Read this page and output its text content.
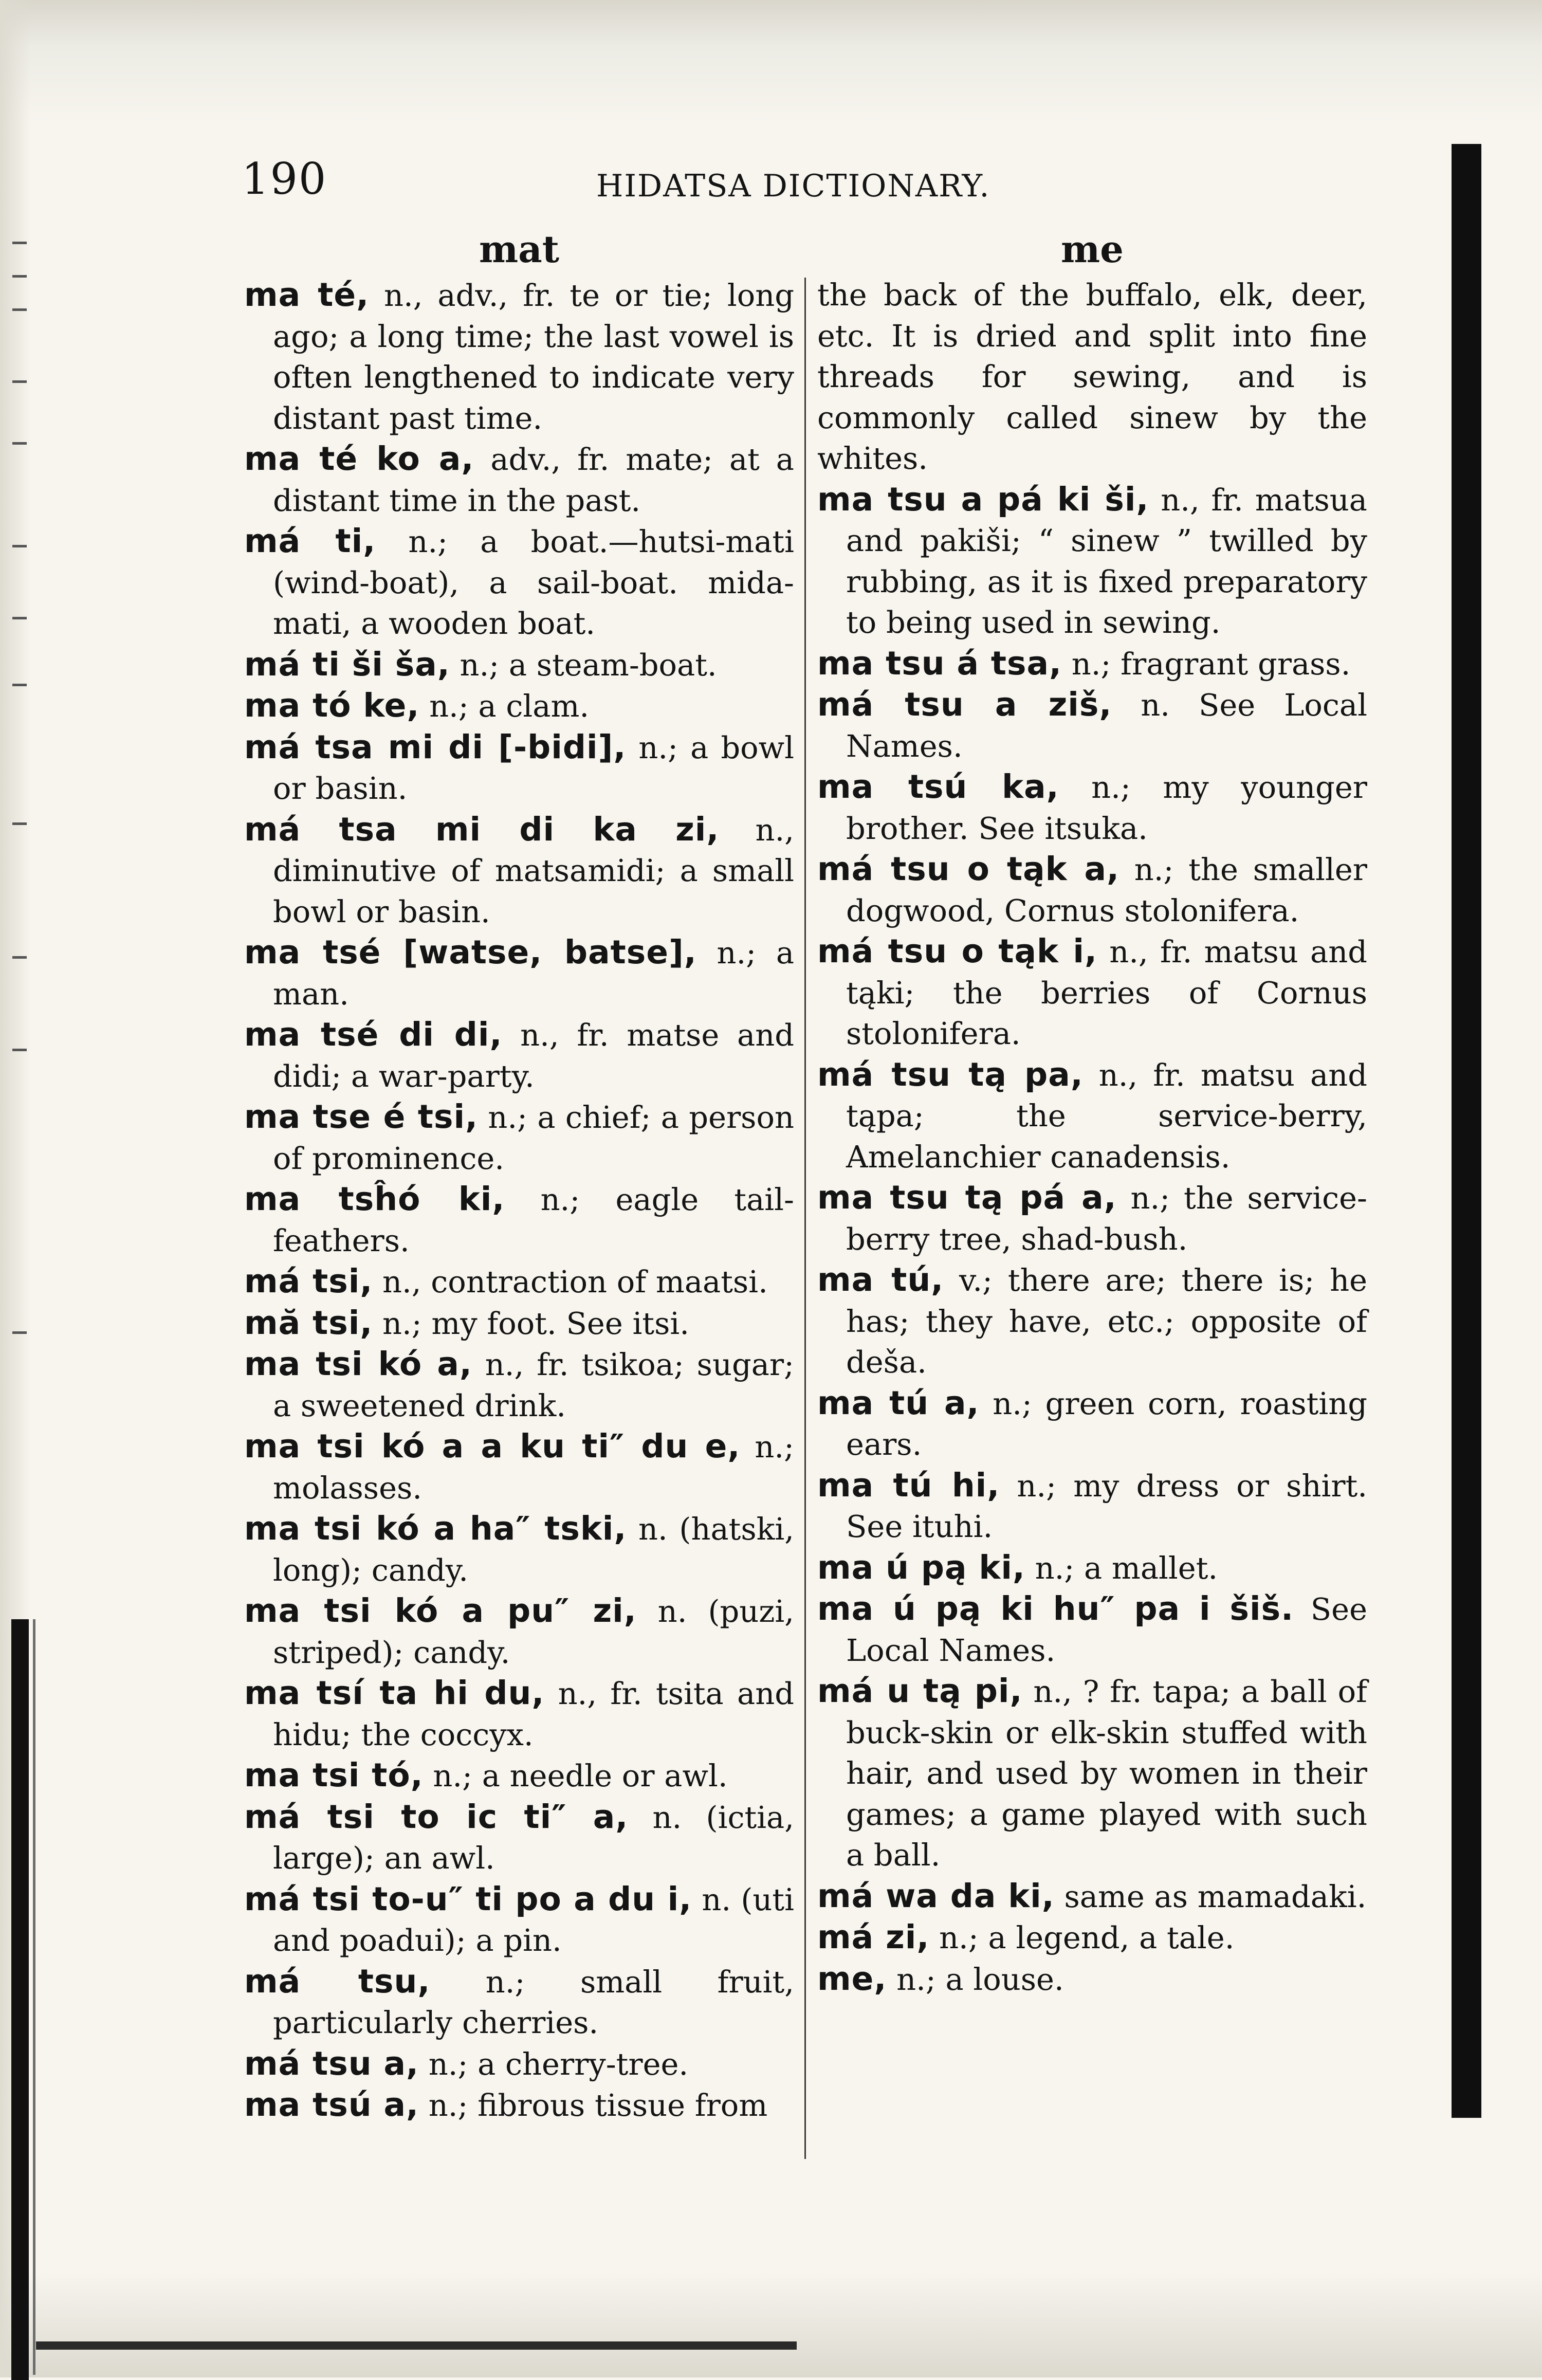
190	HIDATSA DICTIONARY.
mat
ma té, n., adv., fr. te or tie; long ago; a long time; the last vowel is often lengthened to indicate very distant past time.
ma té ko a, adv., fr. mate; at a distant time in the past.
má ti, n.; a boat.—hutsi-mati (wind-boat), a sail-boat. mida-mati, a wooden boat.
má ti ši ša, n.; a steam-boat.
ma tó ke, n.; a clam.
má tsa mi di [-bidi], n.; a bowl or basin.
má tsa mi di ka zi, n., diminutive of matsamidi; a small bowl or basin.
ma tsé [watse, batse], n.; a man.
ma tsé di di, n., fr. matse and didi; a war-party.
ma tse é tsi, n.; a chief; a person of prominence.
ma tsĥó ki, n.; eagle tail-feathers.
má tsi, n., contraction of maatsi.
mă tsi, n.; my foot. See itsi.
ma tsi kó a, n., fr. tsikoa; sugar; a sweetened drink.
ma tsi kó a a ku ti″ du e, n.; molasses.
ma tsi kó a ha″ tski, n. (hatski, long); candy.
ma tsi kó a pu″ zi, n. (puzi, striped); candy.
ma tsí ta hi du, n., fr. tsita and hidu; the coccyx.
ma tsi tó, n.; a needle or awl.
má tsi to ic ti″ a, n. (ictia, large); an awl.
má tsi to-u″ ti po a du i, n. (uti and poadui); a pin.
má tsu, n.; small fruit, particularly cherries.
má tsu a, n.; a cherry-tree.
ma tsú a, n.; fibrous tissue from
me
the back of the buffalo, elk, deer, etc. It is dried and split into fine threads for sewing, and is commonly called sinew by the whites.
ma tsu a pá ki ši, n., fr. matsua and pakiši; “ sinew ” twilled by rubbing, as it is fixed preparatory to being used in sewing.
ma tsu á tsa, n.; fragrant grass.
má tsu a ziš, n. See Local Names.
ma tsú ka, n.; my younger brother. See itsuka.
má tsu o tąk a, n.; the smaller dogwood, Cornus stolonifera.
má tsu o tąk i, n., fr. matsu and tąki; the berries of Cornus stolonifera.
má tsu tą pa, n., fr. matsu and tąpa; the service-berry, Amelanchier canadensis.
ma tsu tą pá a, n.; the service-berry tree, shad-bush.
ma tú, v.; there are; there is; he has; they have, etc.; opposite of deša.
ma tú a, n.; green corn, roasting ears.
ma tú hi, n.; my dress or shirt. See ituhi.
ma ú pą ki, n.; a mallet.
ma ú pą ki hu″ pa i šiš. See Local Names.
má u tą pi, n., ? fr. tapa; a ball of buck-skin or elk-skin stuffed with hair, and used by women in their games; a game played with such a ball.
má wa da ki, same as mamadaki.
má zi, n.; a legend, a tale.
me, n.; a louse.
